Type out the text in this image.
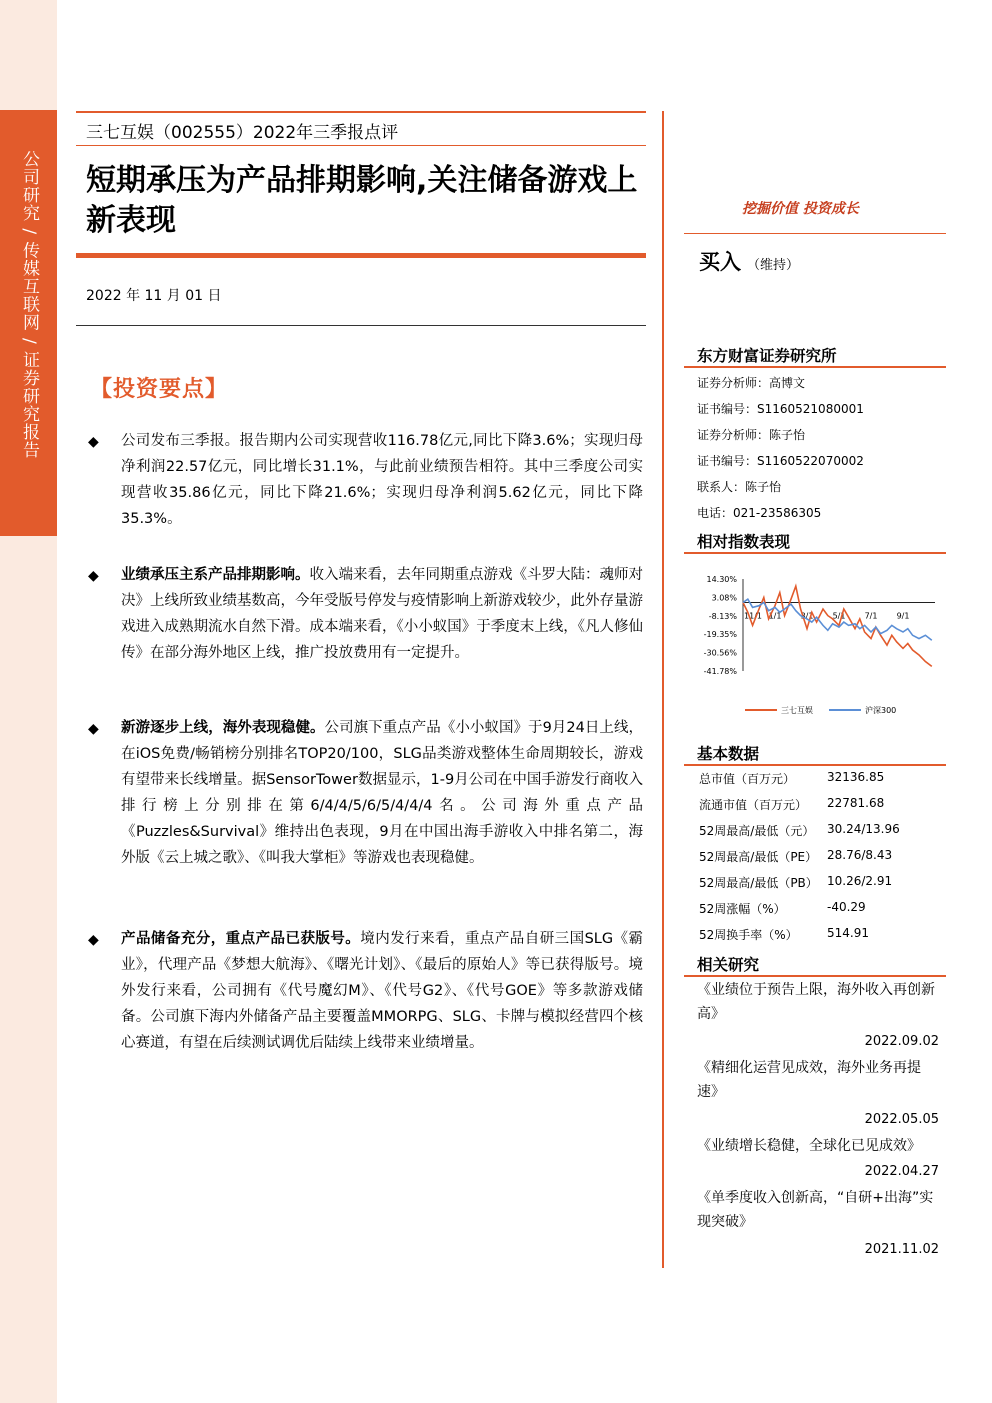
公司研究 / 传媒互联网 / 证券研究报告
三七互娱（002555）2022年三季报点评
短期承压为产品排期影响,关注储备游戏上新表现
2022 年 11 月 01 日
【投资要点】
◆ 公司发布三季报。报告期内公司实现营收116.78亿元,同比下降3.6%；实现归母净利润22.57亿元，同比增长31.1%，与此前业绩预告相符。其中三季度公司实现营收35.86亿元，同比下降21.6%；实现归母净利润5.62亿元，同比下降35.3%。
◆ 业绩承压主系产品排期影响。收入端来看，去年同期重点游戏《斗罗大陆：魂师对决》上线所致业绩基数高，今年受版号停发与疫情影响上新游戏较少，此外存量游戏进入成熟期流水自然下滑。成本端来看，《小小蚁国》于季度末上线，《凡人修仙传》在部分海外地区上线，推广投放费用有一定提升。
◆ 新游逐步上线，海外表现稳健。公司旗下重点产品《小小蚁国》于9月24日上线，在iOS免费/畅销榜分别排名TOP20/100，SLG品类游戏整体生命周期较长，游戏有望带来长线增量。据SensorTower数据显示，1-9月公司在中国手游发行商收入排行榜上分别排在第6/4/4/5/6/5/4/4/4名。公司海外重点产品《Puzzles&Survival》维持出色表现，9月在中国出海手游收入中排名第二，海外版《云上城之歌》、《叫我大掌柜》等游戏也表现稳健。
◆ 产品储备充分，重点产品已获版号。境内发行来看，重点产品自研三国SLG《霸业》，代理产品《梦想大航海》、《曙光计划》、《最后的原始人》等已获得版号。境外发行来看，公司拥有《代号魔幻M》、《代号G2》、《代号GOE》等多款游戏储备。公司旗下海内外储备产品主要覆盖MMORPG、SLG、卡牌与模拟经营四个核心赛道，有望在后续测试调优后陆续上线带来业绩增量。
挖掘价值 投资成长
买入 （维持）
东方财富证券研究所
证券分析师：高博文
证书编号：S1160521080001
证券分析师：陈子怡
证书编号：S1160522070002
联系人：陈子怡
电话：021-23586305
相对指数表现
14.30%
3.08%
-8.13%
-19.35%
-30.56%
-41.78%
11/1 1/1 3/1 5/1 7/1 9/1
三七互娱	沪深300
基本数据
总市值（百万元）	32136.85
流通市值（百万元） 22781.68
52周最高/最低（元） 30.24/13.96
52周最高/最低（PE） 28.76/8.43
52周最高/最低（PB） 10.26/2.91
52周涨幅（%）	-40.29
52周换手率（%） 514.91
相关研究
《业绩位于预告上限，海外收入再创新高》
2022.09.02
《精细化运营见成效，海外业务再提速》
2022.05.05
《业绩增长稳健，全球化已见成效》
2022.04.27
《单季度收入创新高，“自研+出海”实现突破》
2021.11.02
